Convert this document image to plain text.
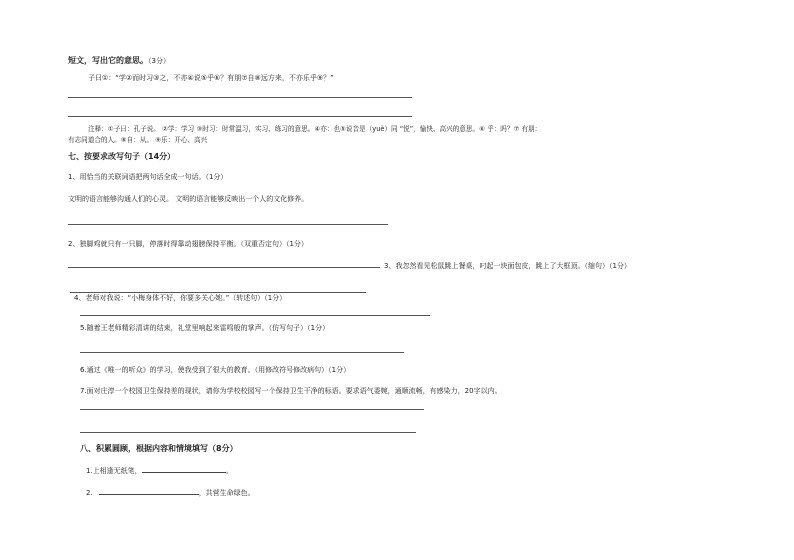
短文，写出它的意思。（3分）
子曰①：“学②而时习③之，不亦④说⑤乎⑥？有朋⑦自⑧远方来，不亦乐乎⑨？”
注释：①子曰：孔子说。 ②学：学习 ③时习：时常温习，实习、练习的意思。④亦：也⑤说音是（yuè）同 “悦”，愉快、高兴的意思。⑥ 乎：吗？⑦ 有朋：
有志同道合的人。⑧自：从。 ⑨乐：开心、高兴
七、按要求改写句子（14分）
1、用恰当的关联词语把两句话全成一句话。（1分）
文明的语言能够沟通人们的心灵。 文明的语言能够反映出一个人的文化修养。
2、独脚鸡就只有一只脚，停落时得靠动翅膀保持平衡。（双重否定句）（1分）
3、我忽然看见松鼠跳上餐桌，叼起一块面包皮，跳上了大框顶。（缩句）（1分）
4、老师对我说：“小梅身体不好，你要多关心她。”（转述句）（1分）
5.随着王老师精彩清讲的结束，礼堂里响起来雷鸣般的掌声。（仿写句子）（1分）
6.通过《唯一的听众》的学习，使我受到了很大的教育。（用修改符号修改病句）（1分）
7.面对庄淳一个校园卫生保持差的现状，请你为学校校园写一个保持卫生干净的标语。要求语气委婉，通顺流畅，有感染力，20字以内。
八、积累圆顾，根据内容和情境填写（8分）
1.上相逢无纸笔，	。
2.	，共营生命绿色。
